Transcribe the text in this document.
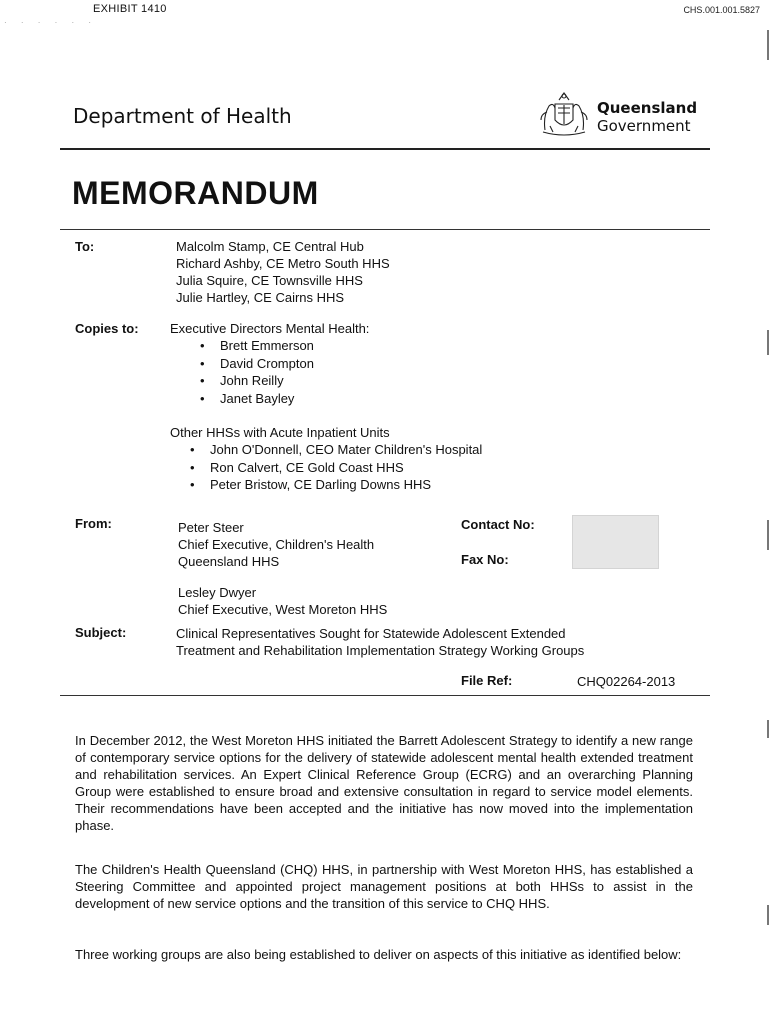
EXHIBIT 1410	CHS.001.001.5827
· · · · · ·
Department of Health	Queensland
Government
MEMORANDUM
To:	Malcolm Stamp, CE Central Hub
Richard Ashby, CE Metro South HHS
Julia Squire, CE Townsville HHS
Julie Hartley, CE Cairns HHS
Copies to: Executive Directors Mental Health:
• Brett Emmerson
• David Crompton
• John Reilly
• Janet Bayley
Other HHSs with Acute Inpatient Units
• John O'Donnell, CEO Mater Children's Hospital
• Ron Calvert, CE Gold Coast HHS
• Peter Bristow, CE Darling Downs HHS
From:	Peter Steer
Chief Executive, Children's Health
Queensland HHS
Lesley Dwyer
Chief Executive, West Moreton HHS
Contact No:
Fax No:
Subject:	Clinical Representatives Sought for Statewide Adolescent Extended
Treatment and Rehabilitation Implementation Strategy Working Groups
File Ref:	CHQ02264-2013

In December 2012, the West Moreton HHS initiated the Barrett Adolescent Strategy to identify a new range of contemporary service options for the delivery of statewide adolescent mental health extended treatment and rehabilitation services. An Expert Clinical Reference Group (ECRG) and an overarching Planning Group were established to ensure broad and extensive consultation in regard to service model elements. Their recommendations have been accepted and the initiative has now moved into the implementation phase.

The Children's Health Queensland (CHQ) HHS, in partnership with West Moreton HHS, has established a Steering Committee and appointed project management positions at both HHSs to assist in the development of new service options and the transition of this service to CHQ HHS.

Three working groups are also being established to deliver on aspects of this initiative as identified below:
